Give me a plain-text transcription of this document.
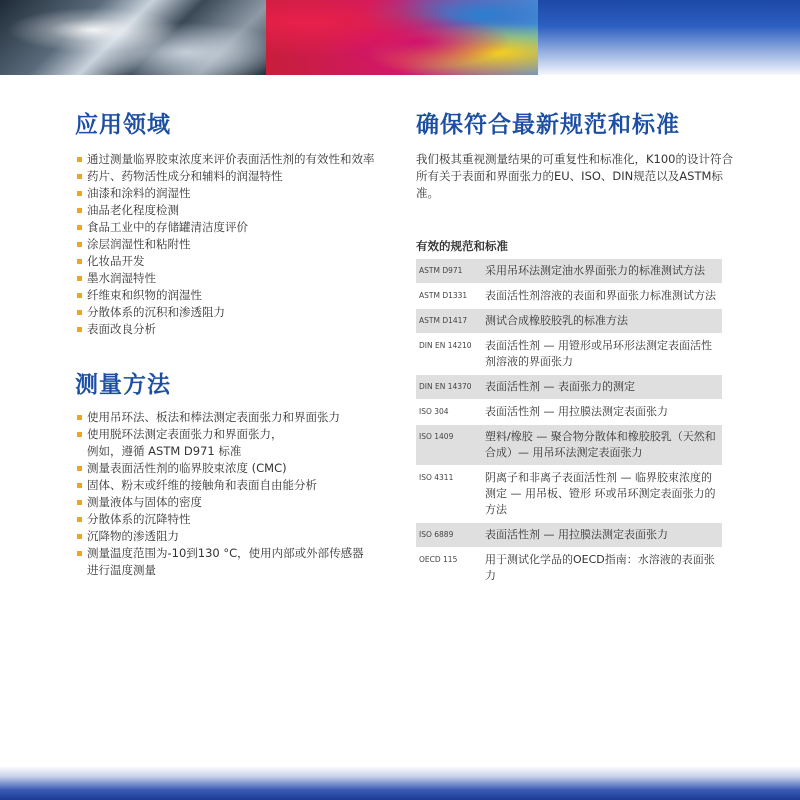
应用领域
通过测量临界胶束浓度来评价表面活性剂的有效性和效率
药片、药物活性成分和辅料的润湿特性
油漆和涂料的润湿性
油品老化程度检测
食品工业中的存储罐清洁度评价
涂层润湿性和粘附性
化妆品开发
墨水润湿特性
纤维束和织物的润湿性
分散体系的沉积和渗透阻力
表面改良分析
测量方法
使用吊环法、板法和棒法测定表面张力和界面张力
使用脱环法测定表面张力和界面张力，
例如，遵循 ASTM D971 标准
测量表面活性剂的临界胶束浓度 (CMC)
固体、粉末或纤维的接触角和表面自由能分析
测量液体与固体的密度
分散体系的沉降特性
沉降物的渗透阻力
测量温度范围为-10到130 °C，使用内部或外部传感器
进行温度测量
确保符合最新规范和标准
我们极其重视测量结果的可重复性和标准化，K100的设计符合所有关于表面和界面张力的EU、ISO、DIN规范以及ASTM标准。
有效的规范和标准
ASTM D971	采用吊环法测定油水界面张力的标准测试方法
ASTM D1331	表面活性剂溶液的表面和界面张力标准测试方法
ASTM D1417	测试合成橡胶胶乳的标准方法
DIN EN 14210	表面活性剂 — 用镫形或吊环形法测定表面活性剂溶液的界面张力
DIN EN 14370	表面活性剂 — 表面张力的测定
ISO 304	表面活性剂 — 用拉膜法测定表面张力
ISO 1409	塑料/橡胶 — 聚合物分散体和橡胶胶乳（天然和合成）— 用吊环法测定表面张力
ISO 4311	阴离子和非离子表面活性剂 — 临界胶束浓度的测定 — 用吊板、镫形 环或吊环测定表面张力的方法
ISO 6889	表面活性剂 — 用拉膜法测定表面张力
OECD 115	用于测试化学品的OECD指南：水溶液的表面张力
